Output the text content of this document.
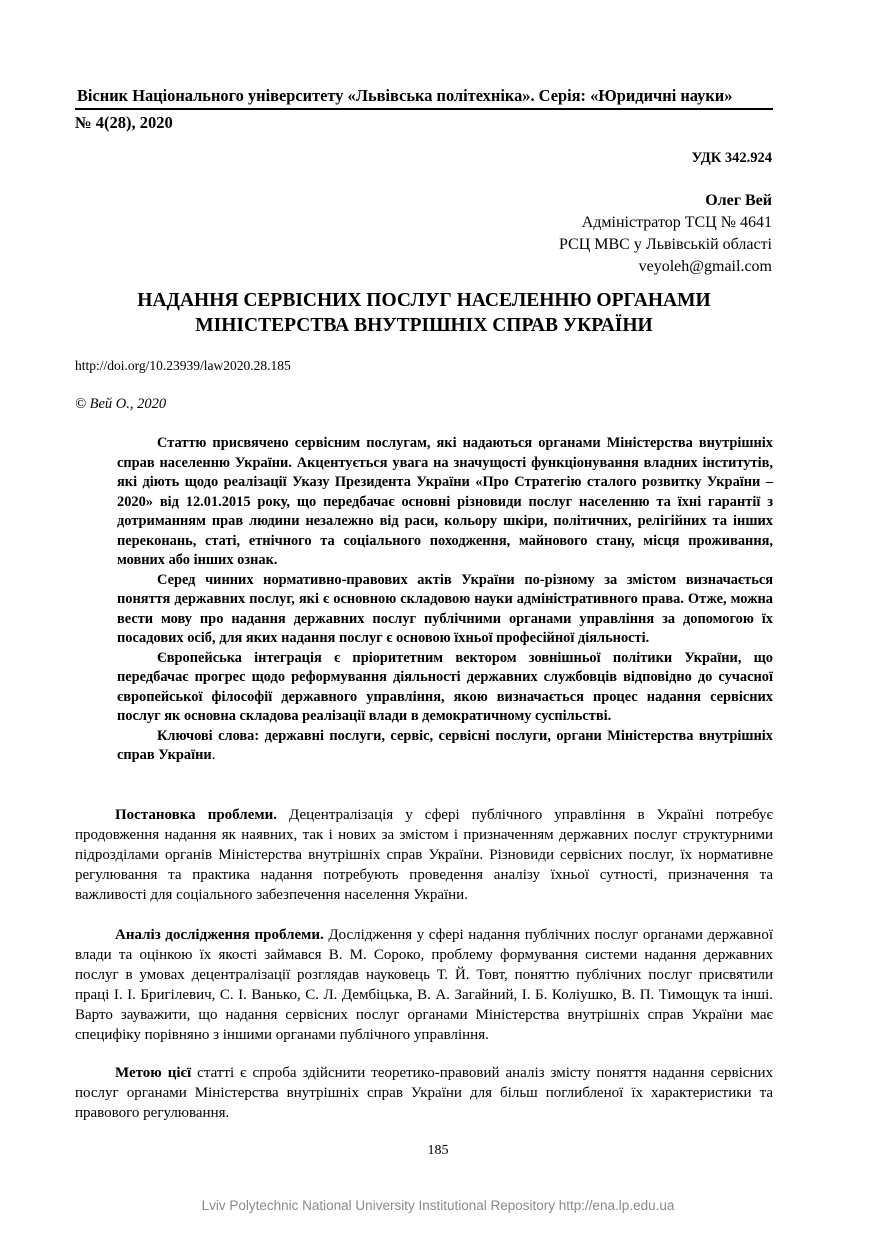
Вісник Національного університету «Львівська політехніка». Серія: «Юридичні науки»
№ 4(28), 2020
УДК 342.924
Олег Вей
Адміністратор ТСЦ № 4641
РСЦ МВС у Львівській області
veyoleh@gmail.com
НАДАННЯ СЕРВІСНИХ ПОСЛУГ НАСЕЛЕННЮ ОРГАНАМИ
МІНІСТЕРСТВА ВНУТРІШНІХ СПРАВ УКРАЇНИ
http://doi.org/10.23939/law2020.28.185
© Вей О., 2020

Статтю присвячено сервісним послугам, які надаються органами Міністерства внутрішніх справ населенню України. Акцентується увага на значущості функціонування владних інститутів, які діють щодо реалізації Указу Президента України «Про Стратегію сталого розвитку України – 2020» від 12.01.2015 року, що передбачає основні різновиди послуг населенню та їхні гарантії з дотриманням прав людини незалежно від раси, кольору шкіри, політичних, релігійних та інших переконань, статі, етнічного та соціального походження, майнового стану, місця проживання, мовних або інших ознак.

Серед чинних нормативно-правових актів України по-різному за змістом визначається поняття державних послуг, які є основною складовою науки адміністративного права. Отже, можна вести мову про надання державних послуг публічними органами управління за допомогою їх посадових осіб, для яких надання послуг є основою їхньої професійної діяльності.

Європейська інтеграція є пріоритетним вектором зовнішньої політики України, що передбачає прогрес щодо реформування діяльності державних службовців відповідно до сучасної європейської філософії державного управління, якою визначається процес надання сервісних послуг як основна складова реалізації влади в демократичному суспільстві.

Ключові слова: державні послуги, сервіс, сервісні послуги, органи Міністерства внутрішніх справ України.

Постановка проблеми. Децентралізація у сфері публічного управління в Україні потребує продовження надання як наявних, так і нових за змістом і призначенням державних послуг структурними підрозділами органів Міністерства внутрішніх справ України. Різновиди сервісних послуг, їх нормативне регулювання та практика надання потребують проведення аналізу їхньої сутності, призначення та важливості для соціального забезпечення населення України.

Аналіз дослідження проблеми. Дослідження у сфері надання публічних послуг органами державної влади та оцінкою їх якості займався В. М. Сороко, проблему формування системи надання державних послуг в умовах децентралізації розглядав науковець Т. Й. Товт, поняттю публічних послуг присвятили праці І. І. Бригілевич, С. І. Ванько, С. Л. Дембіцька, В. А. Загайний, І. Б. Коліушко, В. П. Тимощук та інші. Варто зауважити, що надання сервісних послуг органами Міністерства внутрішніх справ України має специфіку порівняно з іншими органами публічного управління.

Метою цієї статті є спроба здійснити теоретико-правовий аналіз змісту поняття надання сервісних послуг органами Міністерства внутрішніх справ України для більш поглибленої їх характеристики та правового регулювання.

185
Lviv Polytechnic National University Institutional Repository http://ena.lp.edu.ua
